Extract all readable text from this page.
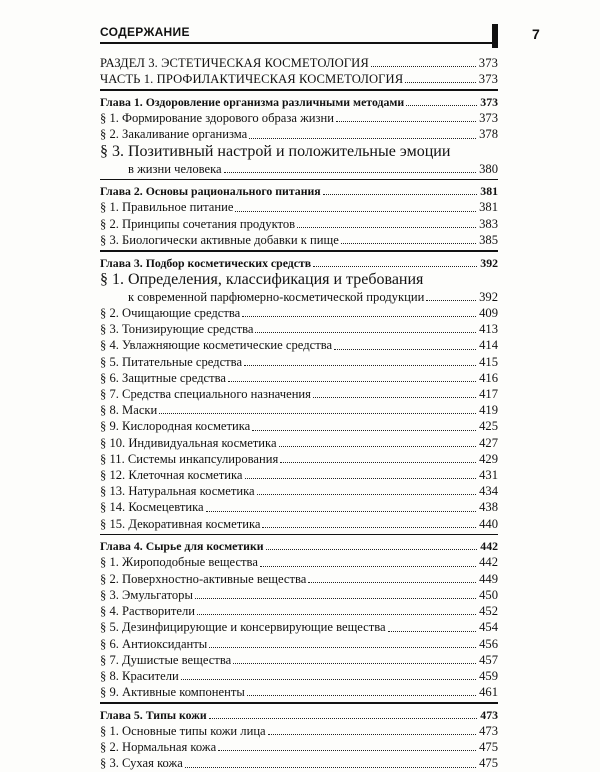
СОДЕРЖАНИЕ	7
РАЗДЕЛ 3. ЭСТЕТИЧЕСКАЯ КОСМЕТОЛОГИЯ	373
ЧАСТЬ 1. ПРОФИЛАКТИЧЕСКАЯ КОСМЕТОЛОГИЯ	373
Глава 1. Оздоровление организма различными методами	373
§ 1. Формирование здорового образа жизни	373
§ 2. Закаливание организма	378
§ 3. Позитивный настрой и положительные эмоции
в жизни человека	380
Глава 2. Основы рационального питания	381
§ 1. Правильное питание	381
§ 2. Принципы сочетания продуктов	383
§ 3. Биологически активные добавки к пище	385
Глава 3. Подбор косметических средств	392
§ 1. Определения, классификация и требования
к современной парфюмерно-косметической продукции	392
§ 2. Очищающие средства	409
§ 3. Тонизирующие средства	413
§ 4. Увлажняющие косметические средства	414
§ 5. Питательные средства	415
§ 6. Защитные средства	416
§ 7. Средства специального назначения	417
§ 8. Маски	419
§ 9. Кислородная косметика	425
§ 10. Индивидуальная косметика	427
§ 11. Системы инкапсулирования	429
§ 12. Клеточная косметика	431
§ 13. Натуральная косметика	434
§ 14. Космецевтика	438
§ 15. Декоративная косметика	440
Глава 4. Сырье для косметики	442
§ 1. Жироподобные вещества	442
§ 2. Поверхностно-активные вещества	449
§ 3. Эмульгаторы	450
§ 4. Растворители	452
§ 5. Дезинфицирующие и консервирующие вещества	454
§ 6. Антиоксиданты	456
§ 7. Душистые вещества	457
§ 8. Красители	459
§ 9. Активные компоненты	461
Глава 5. Типы кожи	473
§ 1. Основные типы кожи лица	473
§ 2. Нормальная кожа	475
§ 3. Сухая кожа	475
